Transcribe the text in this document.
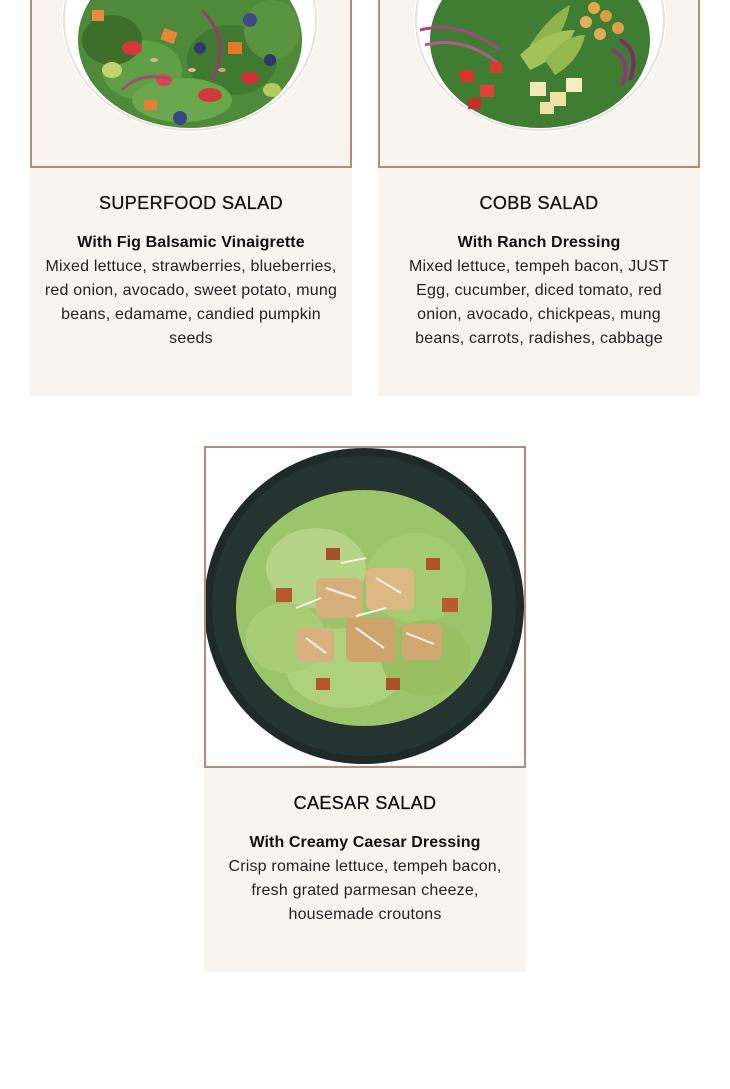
SUPERFOOD SALAD
With Fig Balsamic Vinaigrette
Mixed lettuce, strawberries, blueberries, red onion, avocado, sweet potato, mung beans, edamame, candied pumpkin seeds
COBB SALAD
With Ranch Dressing
Mixed lettuce, tempeh bacon, JUST Egg, cucumber, diced tomato, red onion, avocado, chickpeas, mung beans, carrots, radishes, cabbage
CAESAR SALAD
With Creamy Caesar Dressing
Crisp romaine lettuce, tempeh bacon, fresh grated parmesan cheeze, housemade croutons
